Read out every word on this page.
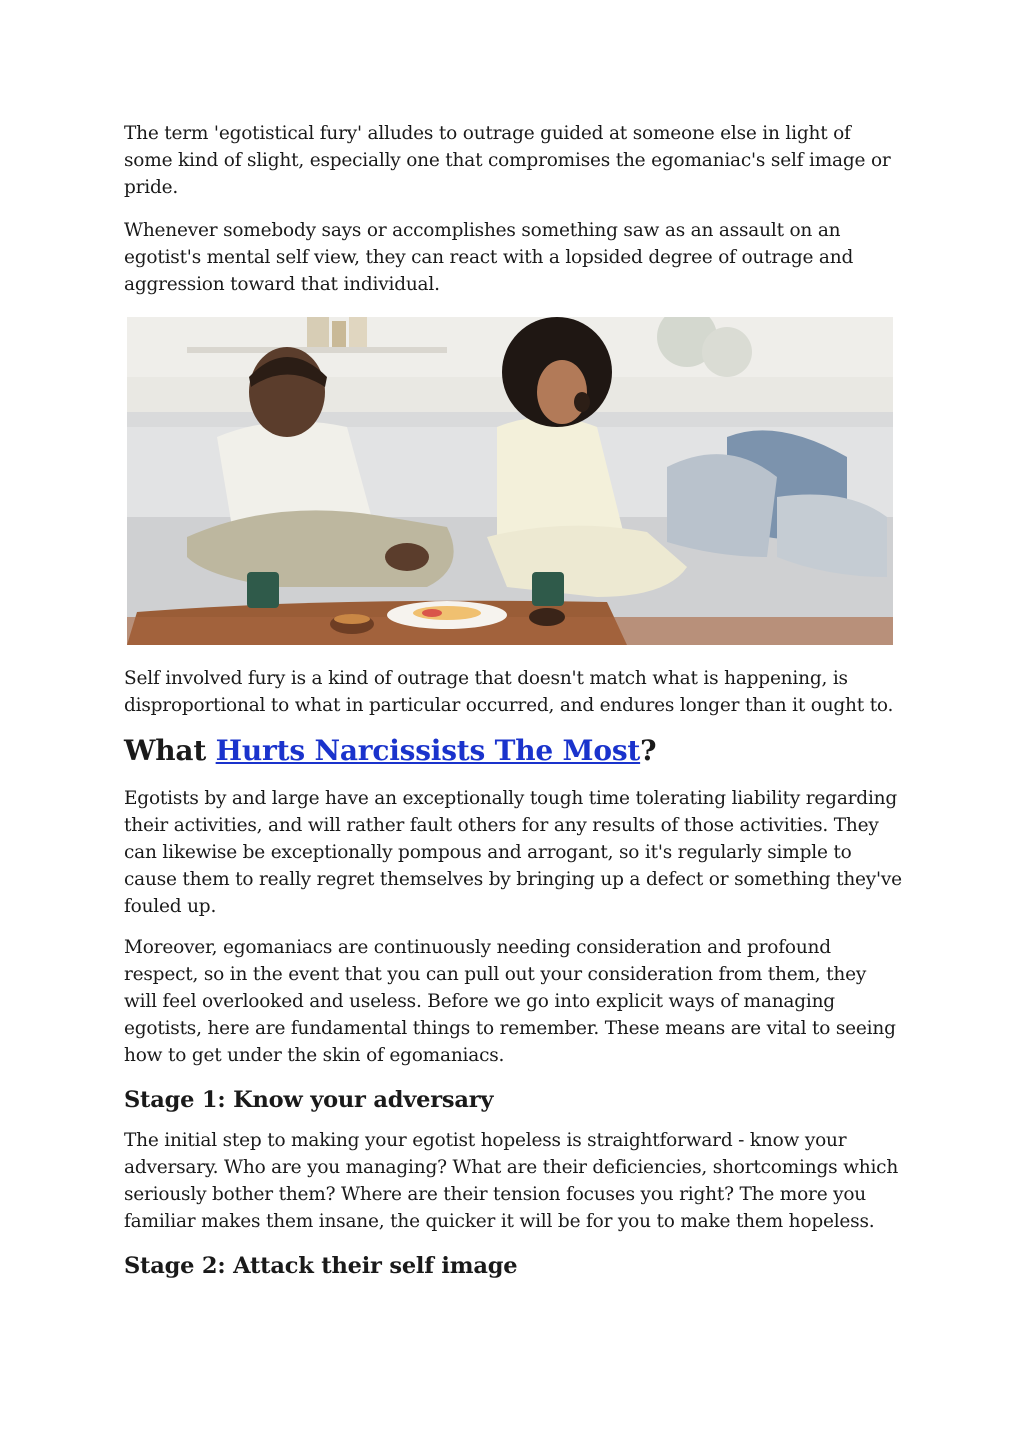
The term 'egotistical fury' alludes to outrage guided at someone else in light of some kind of slight, especially one that compromises the egomaniac's self image or pride.

Whenever somebody says or accomplishes something saw as an assault on an egotist's mental self view, they can react with a lopsided degree of outrage and aggression toward that individual.

Self involved fury is a kind of outrage that doesn't match what is happening, is disproportional to what in particular occurred, and endures longer than it ought to.

What Hurts Narcissists The Most?

Egotists by and large have an exceptionally tough time tolerating liability regarding their activities, and will rather fault others for any results of those activities. They can likewise be exceptionally pompous and arrogant, so it's regularly simple to cause them to really regret themselves by bringing up a defect or something they've fouled up.

Moreover, egomaniacs are continuously needing consideration and profound respect, so in the event that you can pull out your consideration from them, they will feel overlooked and useless. Before we go into explicit ways of managing egotists, here are fundamental things to remember. These means are vital to seeing how to get under the skin of egomaniacs.

Stage 1: Know your adversary

The initial step to making your egotist hopeless is straightforward - know your adversary. Who are you managing? What are their deficiencies, shortcomings which seriously bother them? Where are their tension focuses you right? The more you familiar makes them insane, the quicker it will be for you to make them hopeless.

Stage 2: Attack their self image
